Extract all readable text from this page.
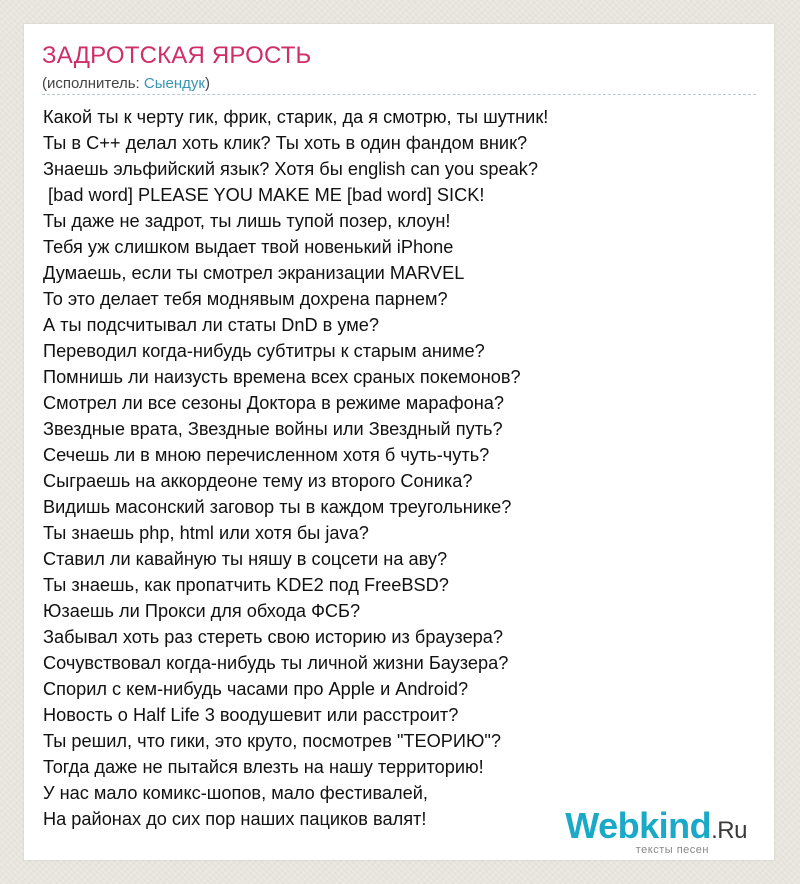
ЗАДРОТСКАЯ ЯРОСТЬ
(исполнитель: Сыендук)
Какой ты к черту гик, фрик, старик, да я смотрю, ты шутник!
Ты в С++ делал хоть клик? Ты хоть в один фандом вник?
Знаешь эльфийский язык? Хотя бы english can you speak?
[bad word] PLEASE YOU MAKE ME [bad word] SICK!
Ты даже не задрот, ты лишь тупой позер, клоун!
Тебя уж слишком выдает твой новенький iPhone
Думаешь, если ты смотрел экранизации MARVEL
То это делает тебя моднявым дохрена парнем?
А ты подсчитывал ли статы DnD в уме?
Переводил когда-нибудь субтитры к старым аниме?
Помнишь ли наизусть времена всех сраных покемонов?
Смотрел ли все сезоны Доктора в режиме марафона?
Звездные врата, Звездные войны или Звездный путь?
Сечешь ли в мною перечисленном хотя б чуть-чуть?
Сыграешь на аккордеоне тему из второго Соника?
Видишь масонский заговор ты в каждом треугольнике?
Ты знаешь php, html или хотя бы java?
Ставил ли кавайную ты няшу в соцсети на аву?
Ты знаешь, как пропатчить KDE2 под FreeBSD?
Юзаешь ли Прокси для обхода ФСБ?
Забывал хоть раз стереть свою историю из браузера?
Сочувствовал когда-нибудь ты личной жизни Баузера?
Спорил с кем-нибудь часами про Apple и Android?
Новость о Half Life 3 воодушевит или расстроит?
Ты решил, что гики, это круто, посмотрев "ТЕОРИЮ"?
Тогда даже не пытайся влезть на нашу территорию!
У нас мало комикс-шопов, мало фестивалей,
На районах до сих пор наших пациков валят!	Webkind.Ru
тексты песен
